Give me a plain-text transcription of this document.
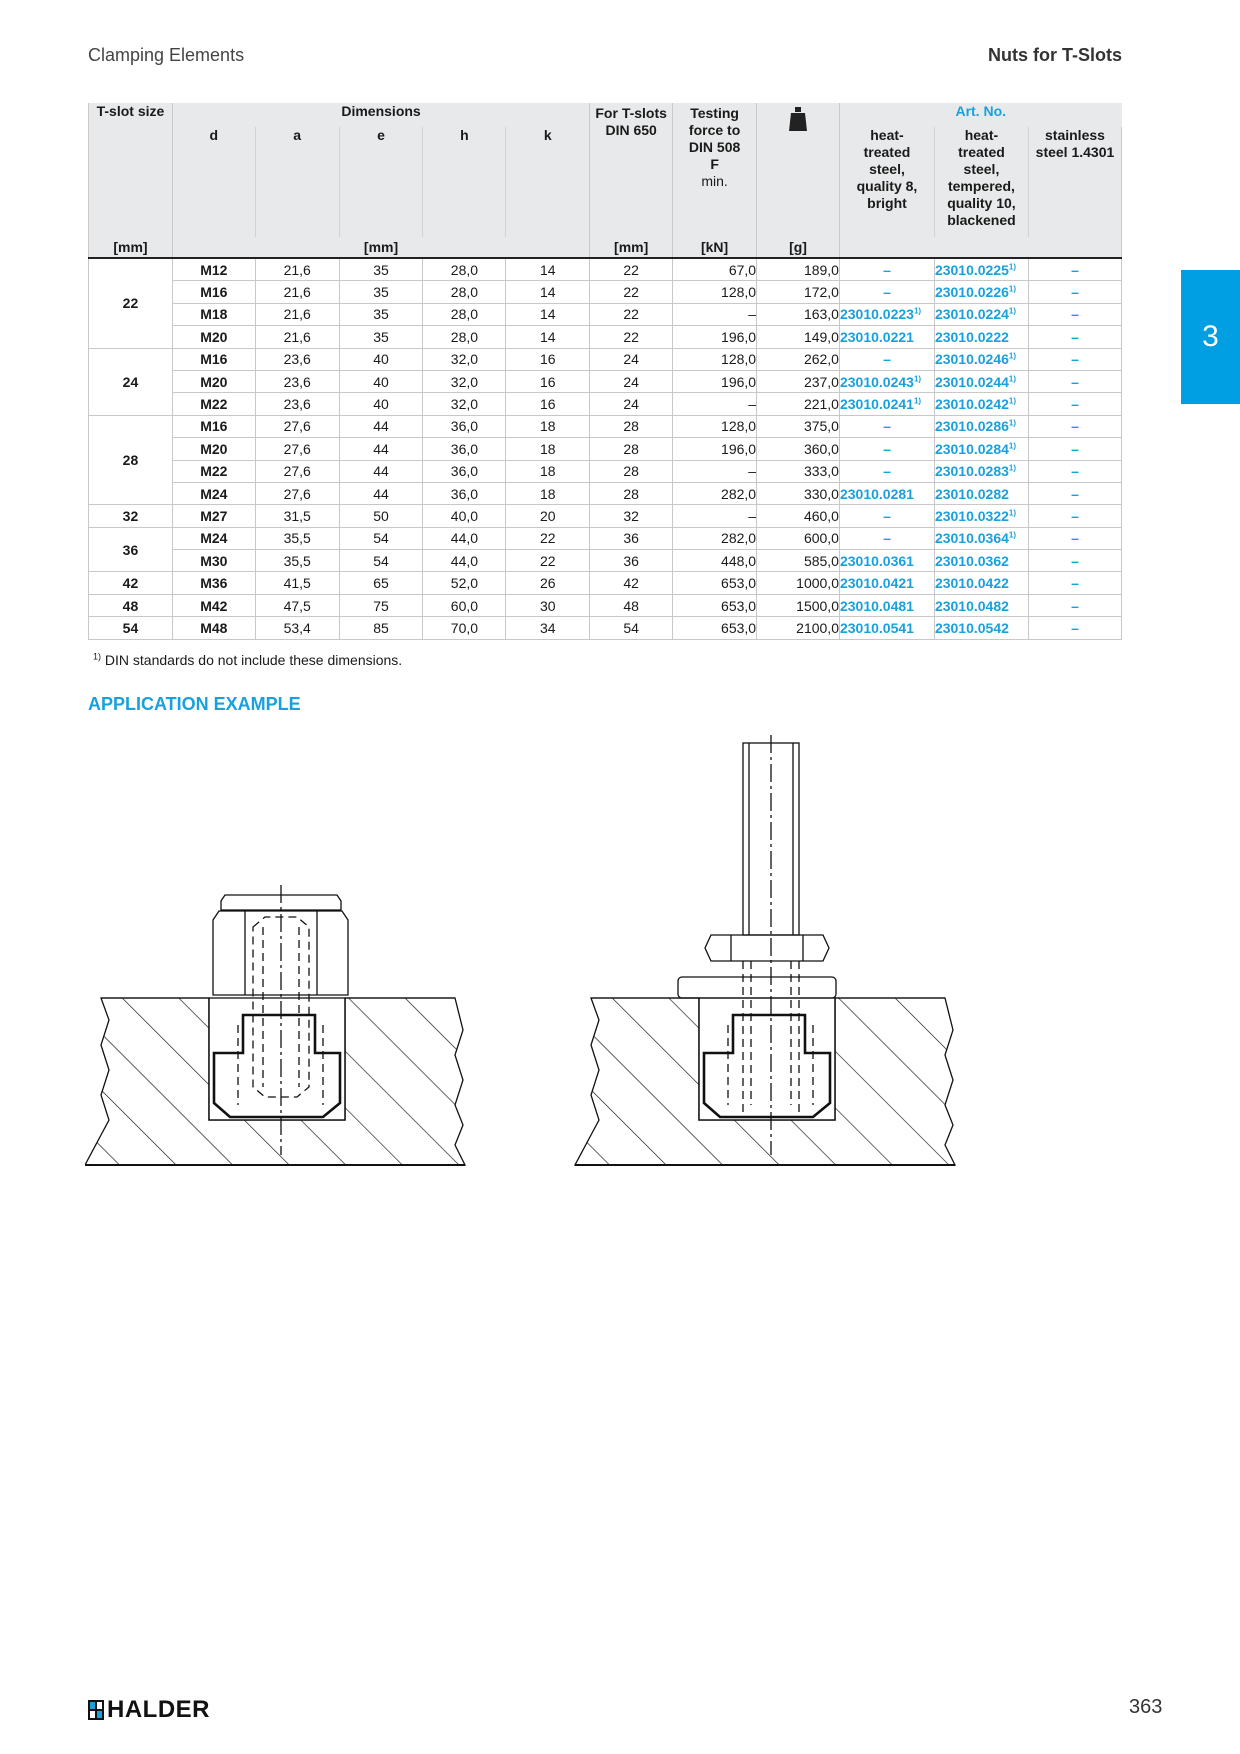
Clamping Elements	Nuts for T-Slots
3
T-slot size	Dimensions					For T-slots DIN 650	Testing force to DIN 508
F
min.		Art. No.		
	d	a	e	h	k				heat-treated steel, quality 8, bright	heat-treated steel, tempered, quality 10, blackened	stainless steel 1.4301

[mm]	[mm]					[mm]	[kN]	[g]			
22	M12	21,6	35	28,0	14	22	67,0	189,0	–	23010.0225$^{1)}$	–
	M16	21,6	35	28,0	14	22	128,0	172,0	–	23010.0226$^{1)}$	–
	M18	21,6	35	28,0	14	22	–	163,0	23010.0223$^{1)}$	23010.0224$^{1)}$	–
	M20	21,6	35	28,0	14	22	196,0	149,0	23010.0221	23010.0222	–
24	M16	23,6	40	32,0	16	24	128,0	262,0	–	23010.0246$^{1)}$	–
	M20	23,6	40	32,0	16	24	196,0	237,0	23010.0243$^{1)}$	23010.0244$^{1)}$	–
	M22	23,6	40	32,0	16	24	–	221,0	23010.0241$^{1)}$	23010.0242$^{1)}$	–
28	M16	27,6	44	36,0	18	28	128,0	375,0	–	23010.0286$^{1)}$	–
	M20	27,6	44	36,0	18	28	196,0	360,0	–	23010.0284$^{1)}$	–
	M22	27,6	44	36,0	18	28	–	333,0	–	23010.0283$^{1)}$	–
	M24	27,6	44	36,0	18	28	282,0	330,0	23010.0281	23010.0282	–
32	M27	31,5	50	40,0	20	32	–	460,0	–	23010.0322$^{1)}$	–
36	M24	35,5	54	44,0	22	36	282,0	600,0	–	23010.0364$^{1)}$	–
	M30	35,5	54	44,0	22	36	448,0	585,0	23010.0361	23010.0362	–
42	M36	41,5	65	52,0	26	42	653,0	1000,0	23010.0421	23010.0422	–
48	M42	47,5	75	60,0	30	48	653,0	1500,0	23010.0481	23010.0482	–
54	M48	53,4	85	70,0	34	54	653,0	2100,0	23010.0541	23010.0542	–
$^{1)}$ DIN standards do not include these dimensions.
APPLICATION EXAMPLE
HALDER	363
